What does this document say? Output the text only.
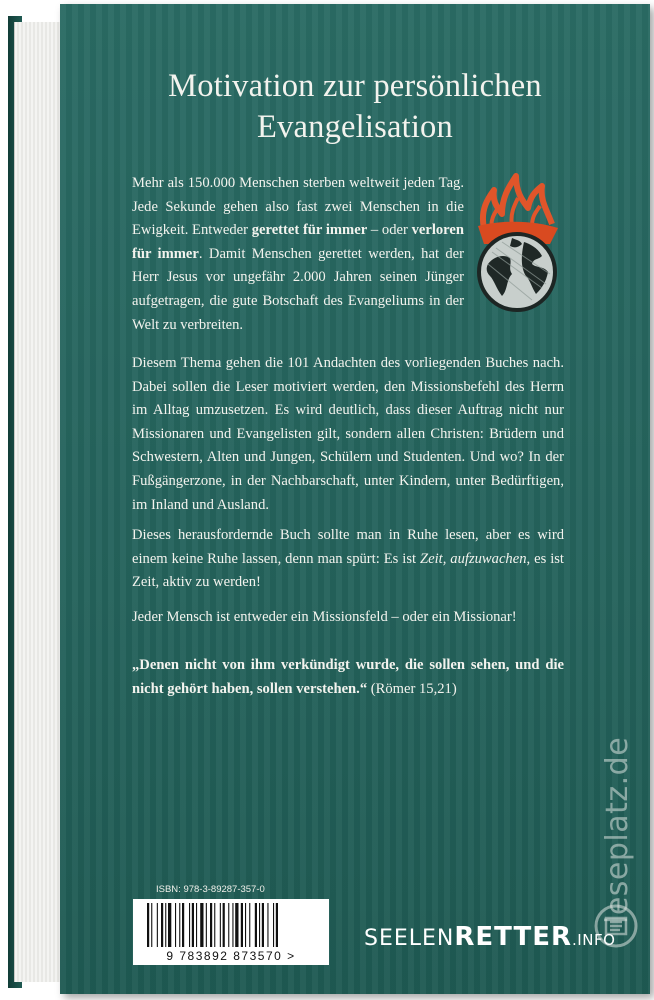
Motivation zur persönlichen
Evangelisation
Mehr als 150.000 Menschen sterben weltweit jeden Tag. Jede Sekunde gehen also fast zwei Menschen in die Ewigkeit. Entweder gerettet für immer – oder verloren für immer. Damit Menschen gerettet werden, hat der Herr Jesus vor ungefähr 2.000 Jahren seinen Jünger aufgetragen, die gute Botschaft des Evangeliums in der Welt zu verbreiten.
Diesem Thema gehen die 101 Andachten des vorliegenden Buches nach. Dabei sollen die Leser motiviert werden, den Missionsbefehl des Herrn im Alltag umzusetzen. Es wird deutlich, dass dieser Auftrag nicht nur Missionaren und Evangelisten gilt, sondern allen Christen: Brüdern und Schwestern, Alten und Jungen, Schülern und Studenten. Und wo? In der Fußgängerzone, in der Nachbarschaft, unter Kindern, unter Bedürftigen, im Inland und Ausland.
Dieses herausfordernde Buch sollte man in Ruhe lesen, aber es wird einem keine Ruhe lassen, denn man spürt: Es ist Zeit, aufzuwachen, es ist Zeit, aktiv zu werden!
Jeder Mensch ist entweder ein Missionsfeld – oder ein Missionar!
„Denen nicht von ihm verkündigt wurde, die sollen sehen, und die nicht gehört haben, sollen verstehen.“ (Römer 15,21)
leseplatz.de
ISBN: 978-3-89287-357-0
9 783892 873570 >
SEELENRETTER.INFO
